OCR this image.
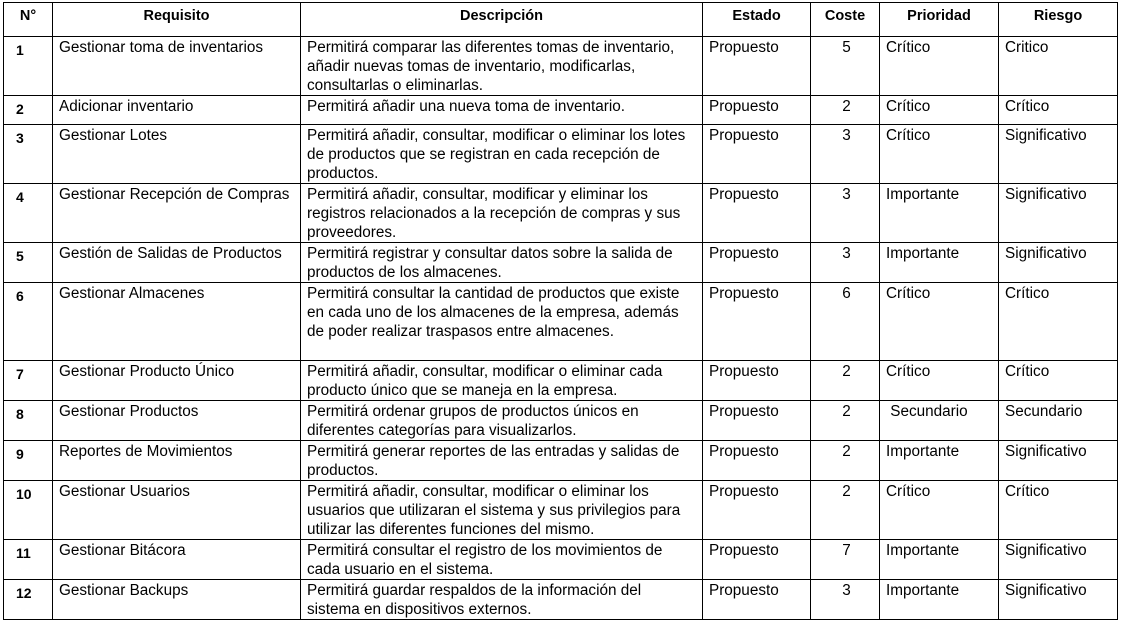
N°	Requisito	Descripción	Estado	Coste	Prioridad	Riesgo
1	Gestionar toma de inventarios	Permitirá comparar las diferentes tomas de inventario, añadir nuevas tomas de inventario, modificarlas, consultarlas o eliminarlas.	Propuesto	5	Crítico	Critico
2	Adicionar inventario	Permitirá añadir una nueva toma de inventario.	Propuesto	2	Crítico	Crítico
3	Gestionar Lotes	Permitirá añadir, consultar, modificar o eliminar los lotes de productos que se registran en cada recepción de productos.	Propuesto	3	Crítico	Significativo
4	Gestionar Recepción de Compras	Permitirá añadir, consultar, modificar y eliminar los registros relacionados a la recepción de compras y sus proveedores.	Propuesto	3	Importante	Significativo
5	Gestión de Salidas de Productos	Permitirá registrar y consultar datos sobre la salida de productos de los almacenes.	Propuesto	3	Importante	Significativo
6	Gestionar Almacenes	Permitirá consultar la cantidad de productos que existe en cada uno de los almacenes de la empresa, además de poder realizar traspasos entre almacenes.	Propuesto	6	Crítico	Crítico
7	Gestionar Producto Único	Permitirá añadir, consultar, modificar o eliminar cada producto único que se maneja en la empresa.	Propuesto	2	Crítico	Crítico
8	Gestionar Productos	Permitirá ordenar grupos de productos únicos en diferentes categorías para visualizarlos.	Propuesto	2	Secundario	Secundario
9	Reportes de Movimientos	Permitirá generar reportes de las entradas y salidas de productos.	Propuesto	2	Importante	Significativo
10	Gestionar Usuarios	Permitirá añadir, consultar, modificar o eliminar los usuarios que utilizaran el sistema y sus privilegios para utilizar las diferentes funciones del mismo.	Propuesto	2	Crítico	Crítico
11	Gestionar Bitácora	Permitirá consultar el registro de los movimientos de cada usuario en el sistema.	Propuesto	7	Importante	Significativo
12	Gestionar Backups	Permitirá guardar respaldos de la información del sistema en dispositivos externos.	Propuesto	3	Importante	Significativo
